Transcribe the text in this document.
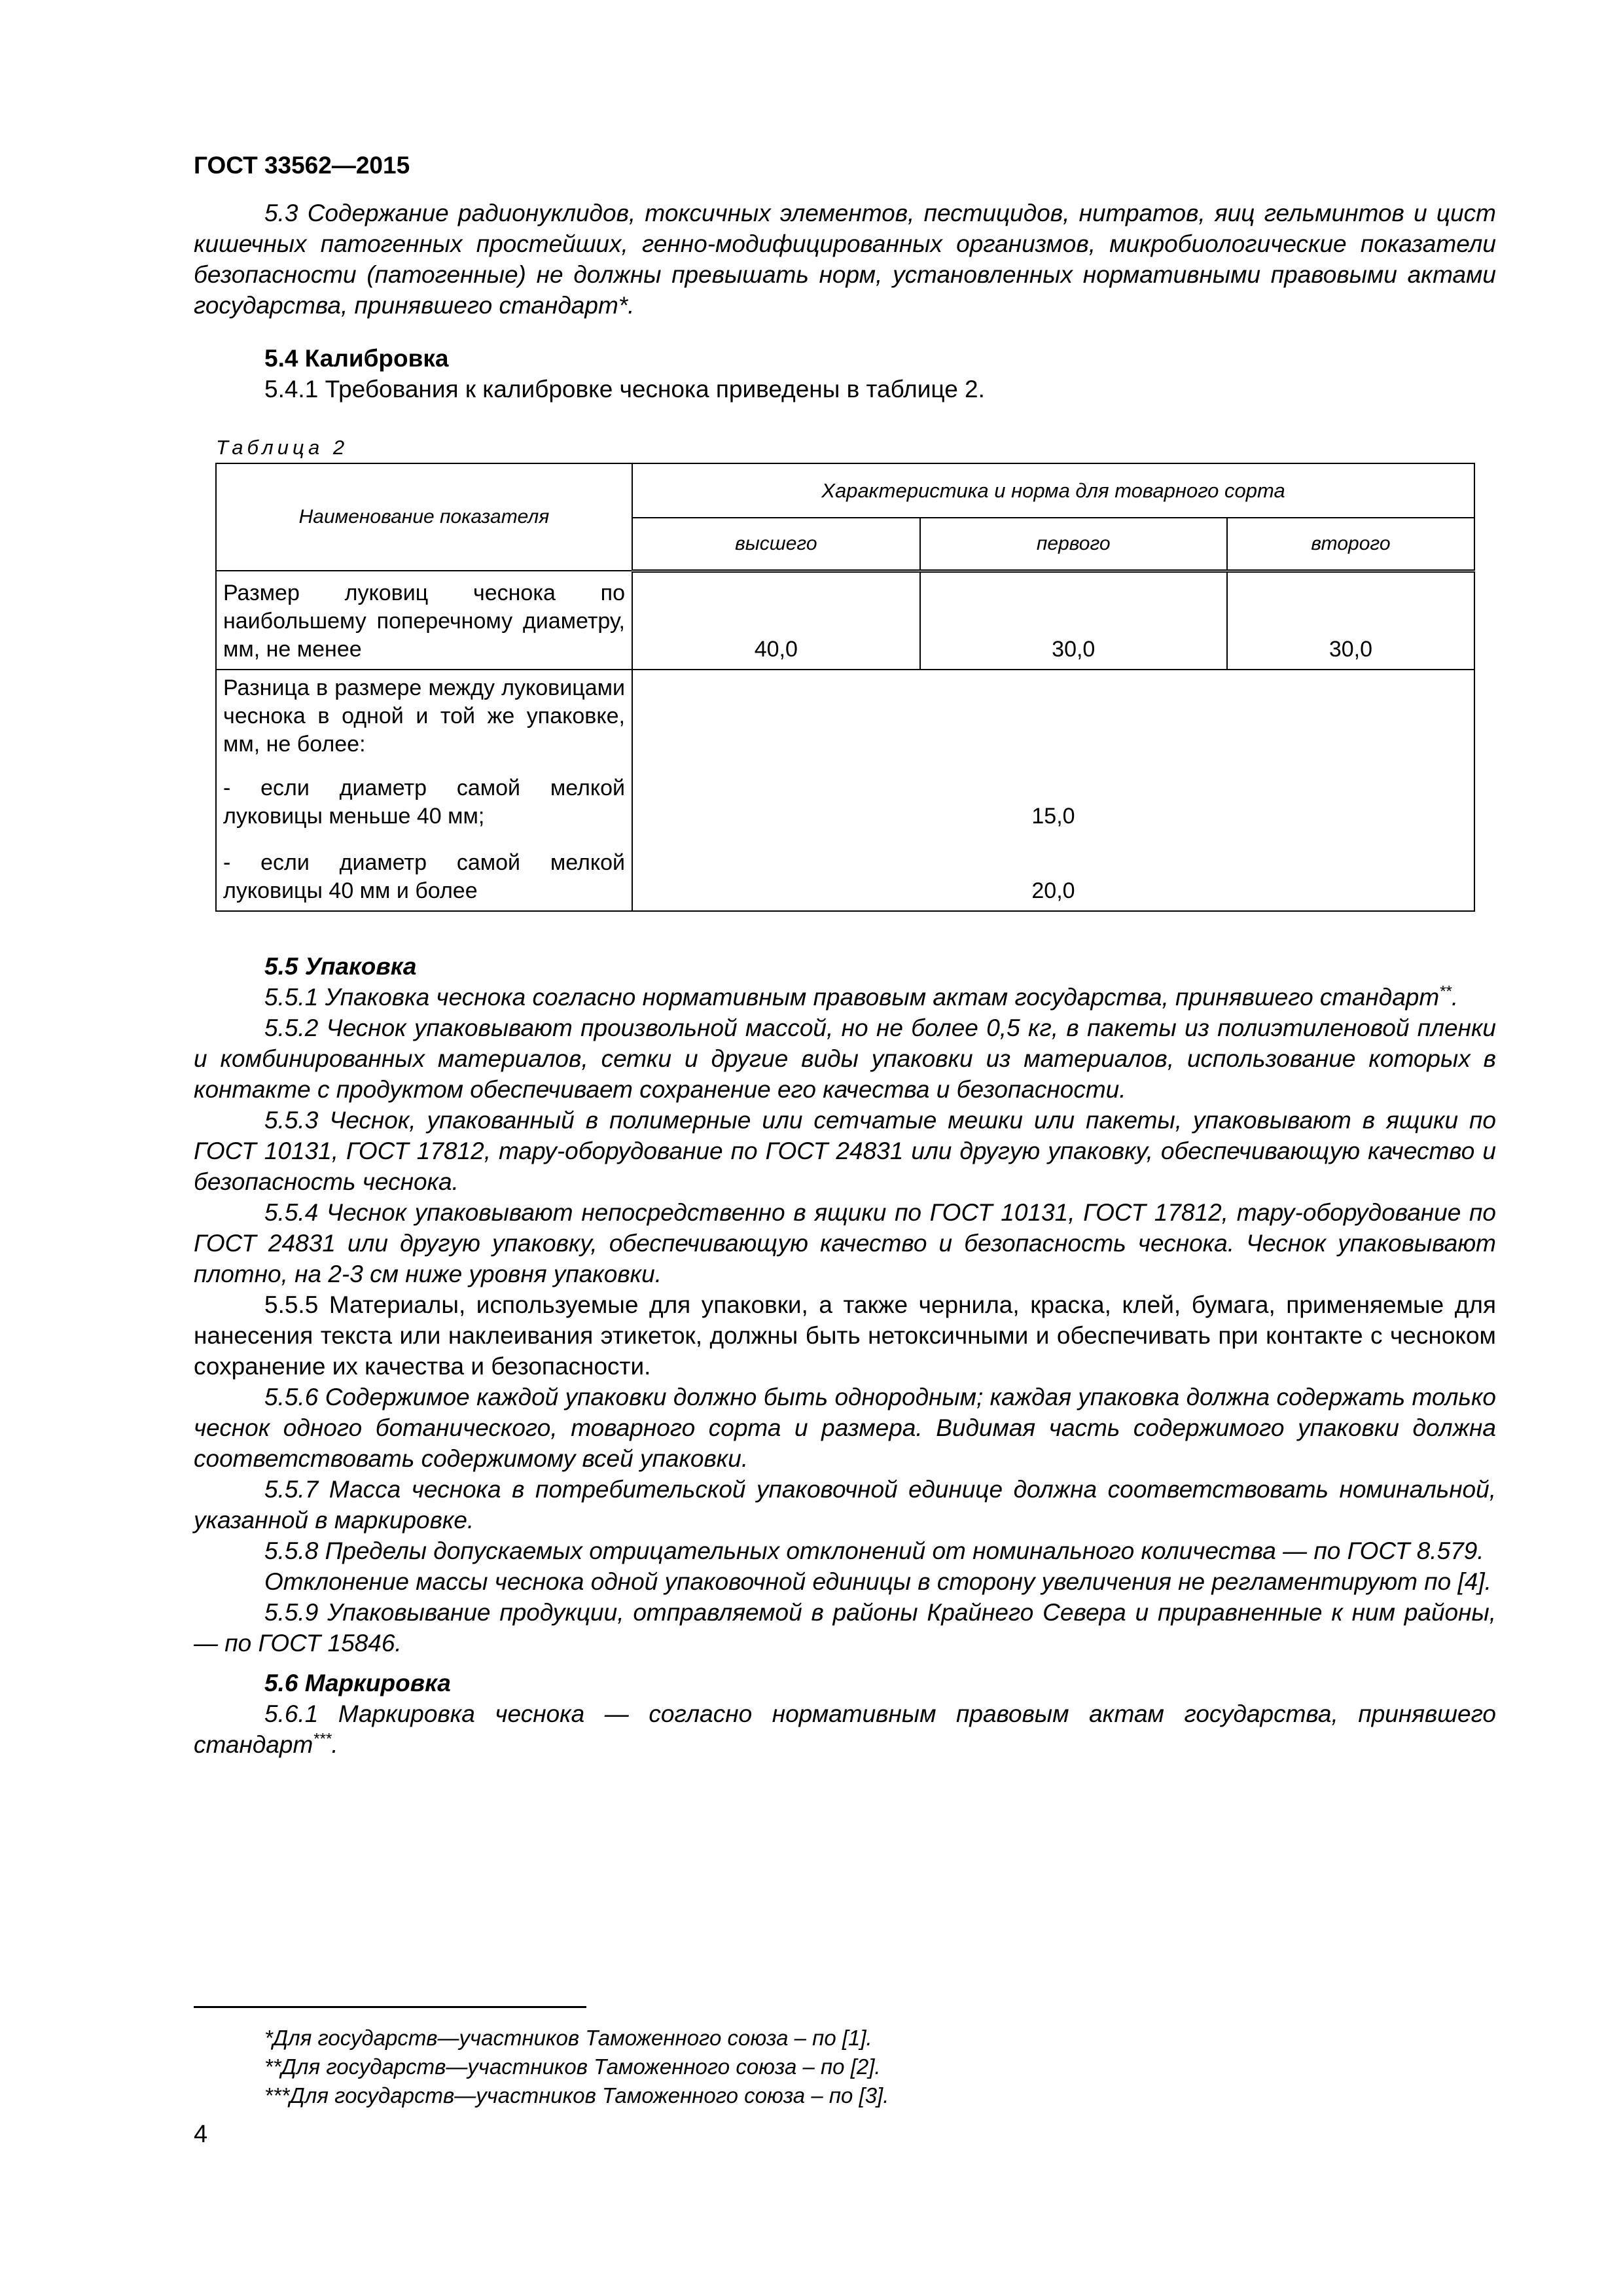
ГОСТ 33562—2015

5.3 Содержание радионуклидов, токсичных элементов, пестицидов, нитратов, яиц гельминтов и цист кишечных патогенных простейших, генно-модифицированных организмов, микробиологические показатели безопасности (патогенные) не должны превышать норм, установленных нормативными правовыми актами государства, принявшего стандарт*.

5.4 Калибровка

5.4.1 Требования к калибровке чеснока приведены в таблице 2.

Таблица 2
Наименование показателя	Характеристика и норма для товарного сорта		
	высшего	первого	второго
Размер луковиц чеснока по наибольшему поперечному диаметру, мм, не менее	40,0	30,0	30,0
Разница в размере между луковицами чеснока в одной и той же упаковке, мм, не более:			
- если диаметр самой мелкой луковицы меньше 40 мм;	15,0		
- если диаметр самой мелкой луковицы 40 мм и более	20,0		

5.5 Упаковка

5.5.1 Упаковка чеснока согласно нормативным правовым актам государства, принявшего стандарт**.

5.5.2 Чеснок упаковывают произвольной массой, но не более 0,5 кг, в пакеты из полиэтиленовой пленки и комбинированных материалов, сетки и другие виды упаковки из материалов, использование которых в контакте с продуктом обеспечивает сохранение его качества и безопасности.

5.5.3 Чеснок, упакованный в полимерные или сетчатые мешки или пакеты, упаковывают в ящики по ГОСТ 10131, ГОСТ 17812, тару-оборудование по ГОСТ 24831 или другую упаковку, обеспечивающую качество и безопасность чеснока.

5.5.4 Чеснок упаковывают непосредственно в ящики по ГОСТ 10131, ГОСТ 17812, тару-оборудование по ГОСТ 24831 или другую упаковку, обеспечивающую качество и безопасность чеснока. Чеснок упаковывают плотно, на 2-3 см ниже уровня упаковки.

5.5.5 Материалы, используемые для упаковки, а также чернила, краска, клей, бумага, применяемые для нанесения текста или наклеивания этикеток, должны быть нетоксичными и обеспечивать при контакте с чесноком сохранение их качества и безопасности.

5.5.6 Содержимое каждой упаковки должно быть однородным; каждая упаковка должна содержать только чеснок одного ботанического, товарного сорта и размера. Видимая часть содержимого упаковки должна соответствовать содержимому всей упаковки.

5.5.7 Масса чеснока в потребительской упаковочной единице должна соответствовать номинальной, указанной в маркировке.

5.5.8 Пределы допускаемых отрицательных отклонений от номинального количества — по ГОСТ 8.579.

Отклонение массы чеснока одной упаковочной единицы в сторону увеличения не регламентируют по [4].

5.5.9 Упаковывание продукции, отправляемой в районы Крайнего Севера и приравненные к ним районы, — по ГОСТ 15846.

5.6 Маркировка

5.6.1 Маркировка чеснока — согласно нормативным правовым актам государства, принявшего стандарт***.

*Для государств—участников Таможенного союза – по [1].
**Для государств—участников Таможенного союза – по [2].
***Для государств—участников Таможенного союза – по [3].
4
